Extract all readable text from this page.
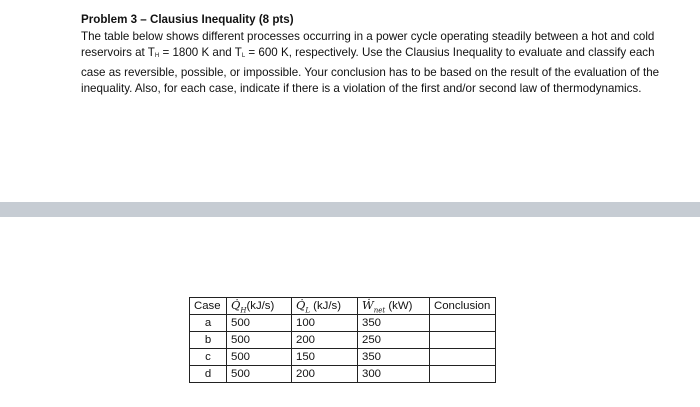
Problem 3 – Clausius Inequality (8 pts)

The table below shows different processes occurring in a power cycle operating steadily between a hot and cold reservoirs at $T_H = 1800$ K and $T_L = 600$ K, respectively. Use the Clausius Inequality to evaluate and classify each case as reversible, possible, or impossible. Your conclusion has to be based on the result of the evaluation of the inequality. Also, for each case, indicate if there is a violation of the first and/or second law of thermodynamics.

Case	$Q̇_H(kJ/s)$	$Q̇_L$ (kJ/s)	$Ẇ_{net}$ (kW)	Conclusion
a	500	100	350	
b	500	200	250	
c	500	150	350	
d	500	200	300	
